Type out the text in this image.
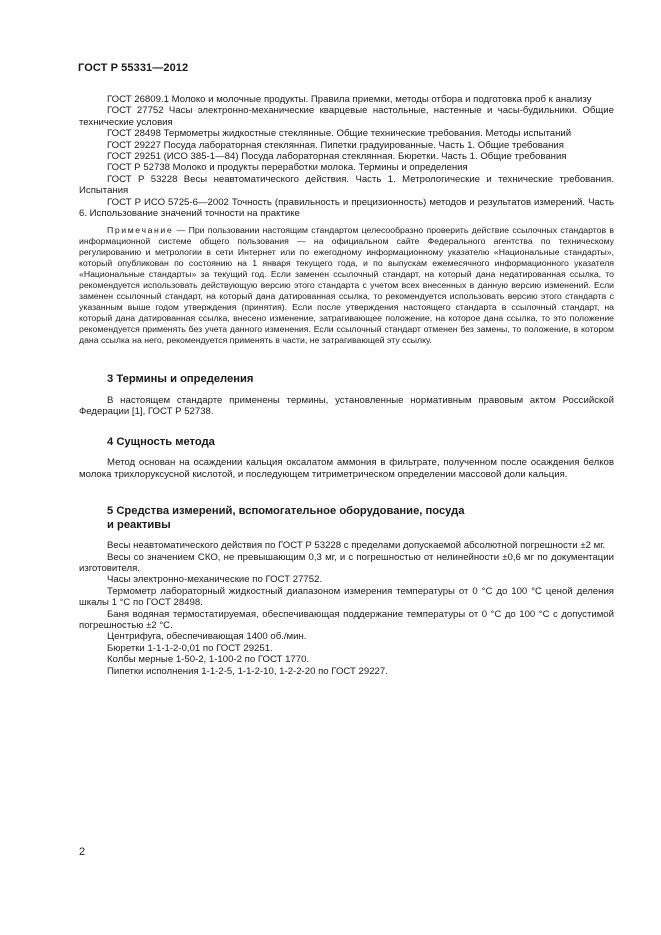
ГОСТ Р 55331—2012

ГОСТ 26809.1 Молоко и молочные продукты. Правила приемки, методы отбора и подготовка проб к анализу

ГОСТ 27752 Часы электронно-механические кварцевые настольные, настенные и часы-будильники. Общие технические условия

ГОСТ 28498 Термометры жидкостные стеклянные. Общие технические требования. Методы испытаний

ГОСТ 29227 Посуда лабораторная стеклянная. Пипетки градуированные. Часть 1. Общие требования

ГОСТ 29251 (ИСО 385-1—84) Посуда лабораторная стеклянная. Бюретки. Часть 1. Общие требования

ГОСТ Р 52738 Молоко и продукты переработки молока. Термины и определения

ГОСТ Р 53228 Весы неавтоматического действия. Часть 1. Метрологические и технические требования. Испытания

ГОСТ Р ИСО 5725-6—2002 Точность (правильность и прецизионность) методов и результатов измерений. Часть 6. Использование значений точности на практике

Примечание — При пользовании настоящим стандартом целесообразно проверить действие ссылочных стандартов в информационной системе общего пользования — на официальном сайте Федерального агентства по техническому регулированию и метрологии в сети Интернет или по ежегодному информационному указателю «Национальные стандарты», который опубликован по состоянию на 1 января текущего года, и по выпускам ежемесячного информационного указателя «Национальные стандарты» за текущий год. Если заменен ссылочный стандарт, на который дана недатированная ссылка, то рекомендуется использовать действующую версию этого стандарта с учетом всех внесенных в данную версию изменений. Если заменен ссылочный стандарт, на который дана датированная ссылка, то рекомендуется использовать версию этого стандарта с указанным выше годом утверждения (принятия). Если после утверждения настоящего стандарта в ссылочный стандарт, на который дана датированная ссылка, внесено изменение, затрагивающее положение, на которое дана ссылка, то это положение рекомендуется применять без учета данного изменения. Если ссылочный стандарт отменен без замены, то положение, в котором дана ссылка на него, рекомендуется применять в части, не затрагивающей эту ссылку.

3 Термины и определения

В настоящем стандарте применены термины, установленные нормативным правовым актом Российской Федерации [1], ГОСТ Р 52738.

4 Сущность метода

Метод основан на осаждении кальция оксалатом аммония в фильтрате, полученном после осаждения белков молока трихлоруксусной кислотой, и последующем титриметрическом определении массовой доли кальция.

5 Средства измерений, вспомогательное оборудование, посуда
и реактивы

Весы неавтоматического действия по ГОСТ Р 53228 с пределами допускаемой абсолютной погрешности ±2 мг.

Весы со значением СКО, не превышающим 0,3 мг, и с погрешностью от нелинейности ±0,6 мг по документации изготовителя.

Часы электронно-механические по ГОСТ 27752.

Термометр лабораторный жидкостный диапазоном измерения температуры от 0 °С до 100 °С ценой деления шкалы 1 °С по ГОСТ 28498.

Баня водяная термостатируемая, обеспечивающая поддержание температуры от 0 °С до 100 °С с допустимой погрешностью ±2 °С.

Центрифуга, обеспечивающая 1400 об./мин.

Бюретки 1-1-1-2-0,01 по ГОСТ 29251.

Колбы мерные 1-50-2, 1-100-2 по ГОСТ 1770.

Пипетки исполнения 1-1-2-5, 1-1-2-10, 1-2-2-20 по ГОСТ 29227.

2
